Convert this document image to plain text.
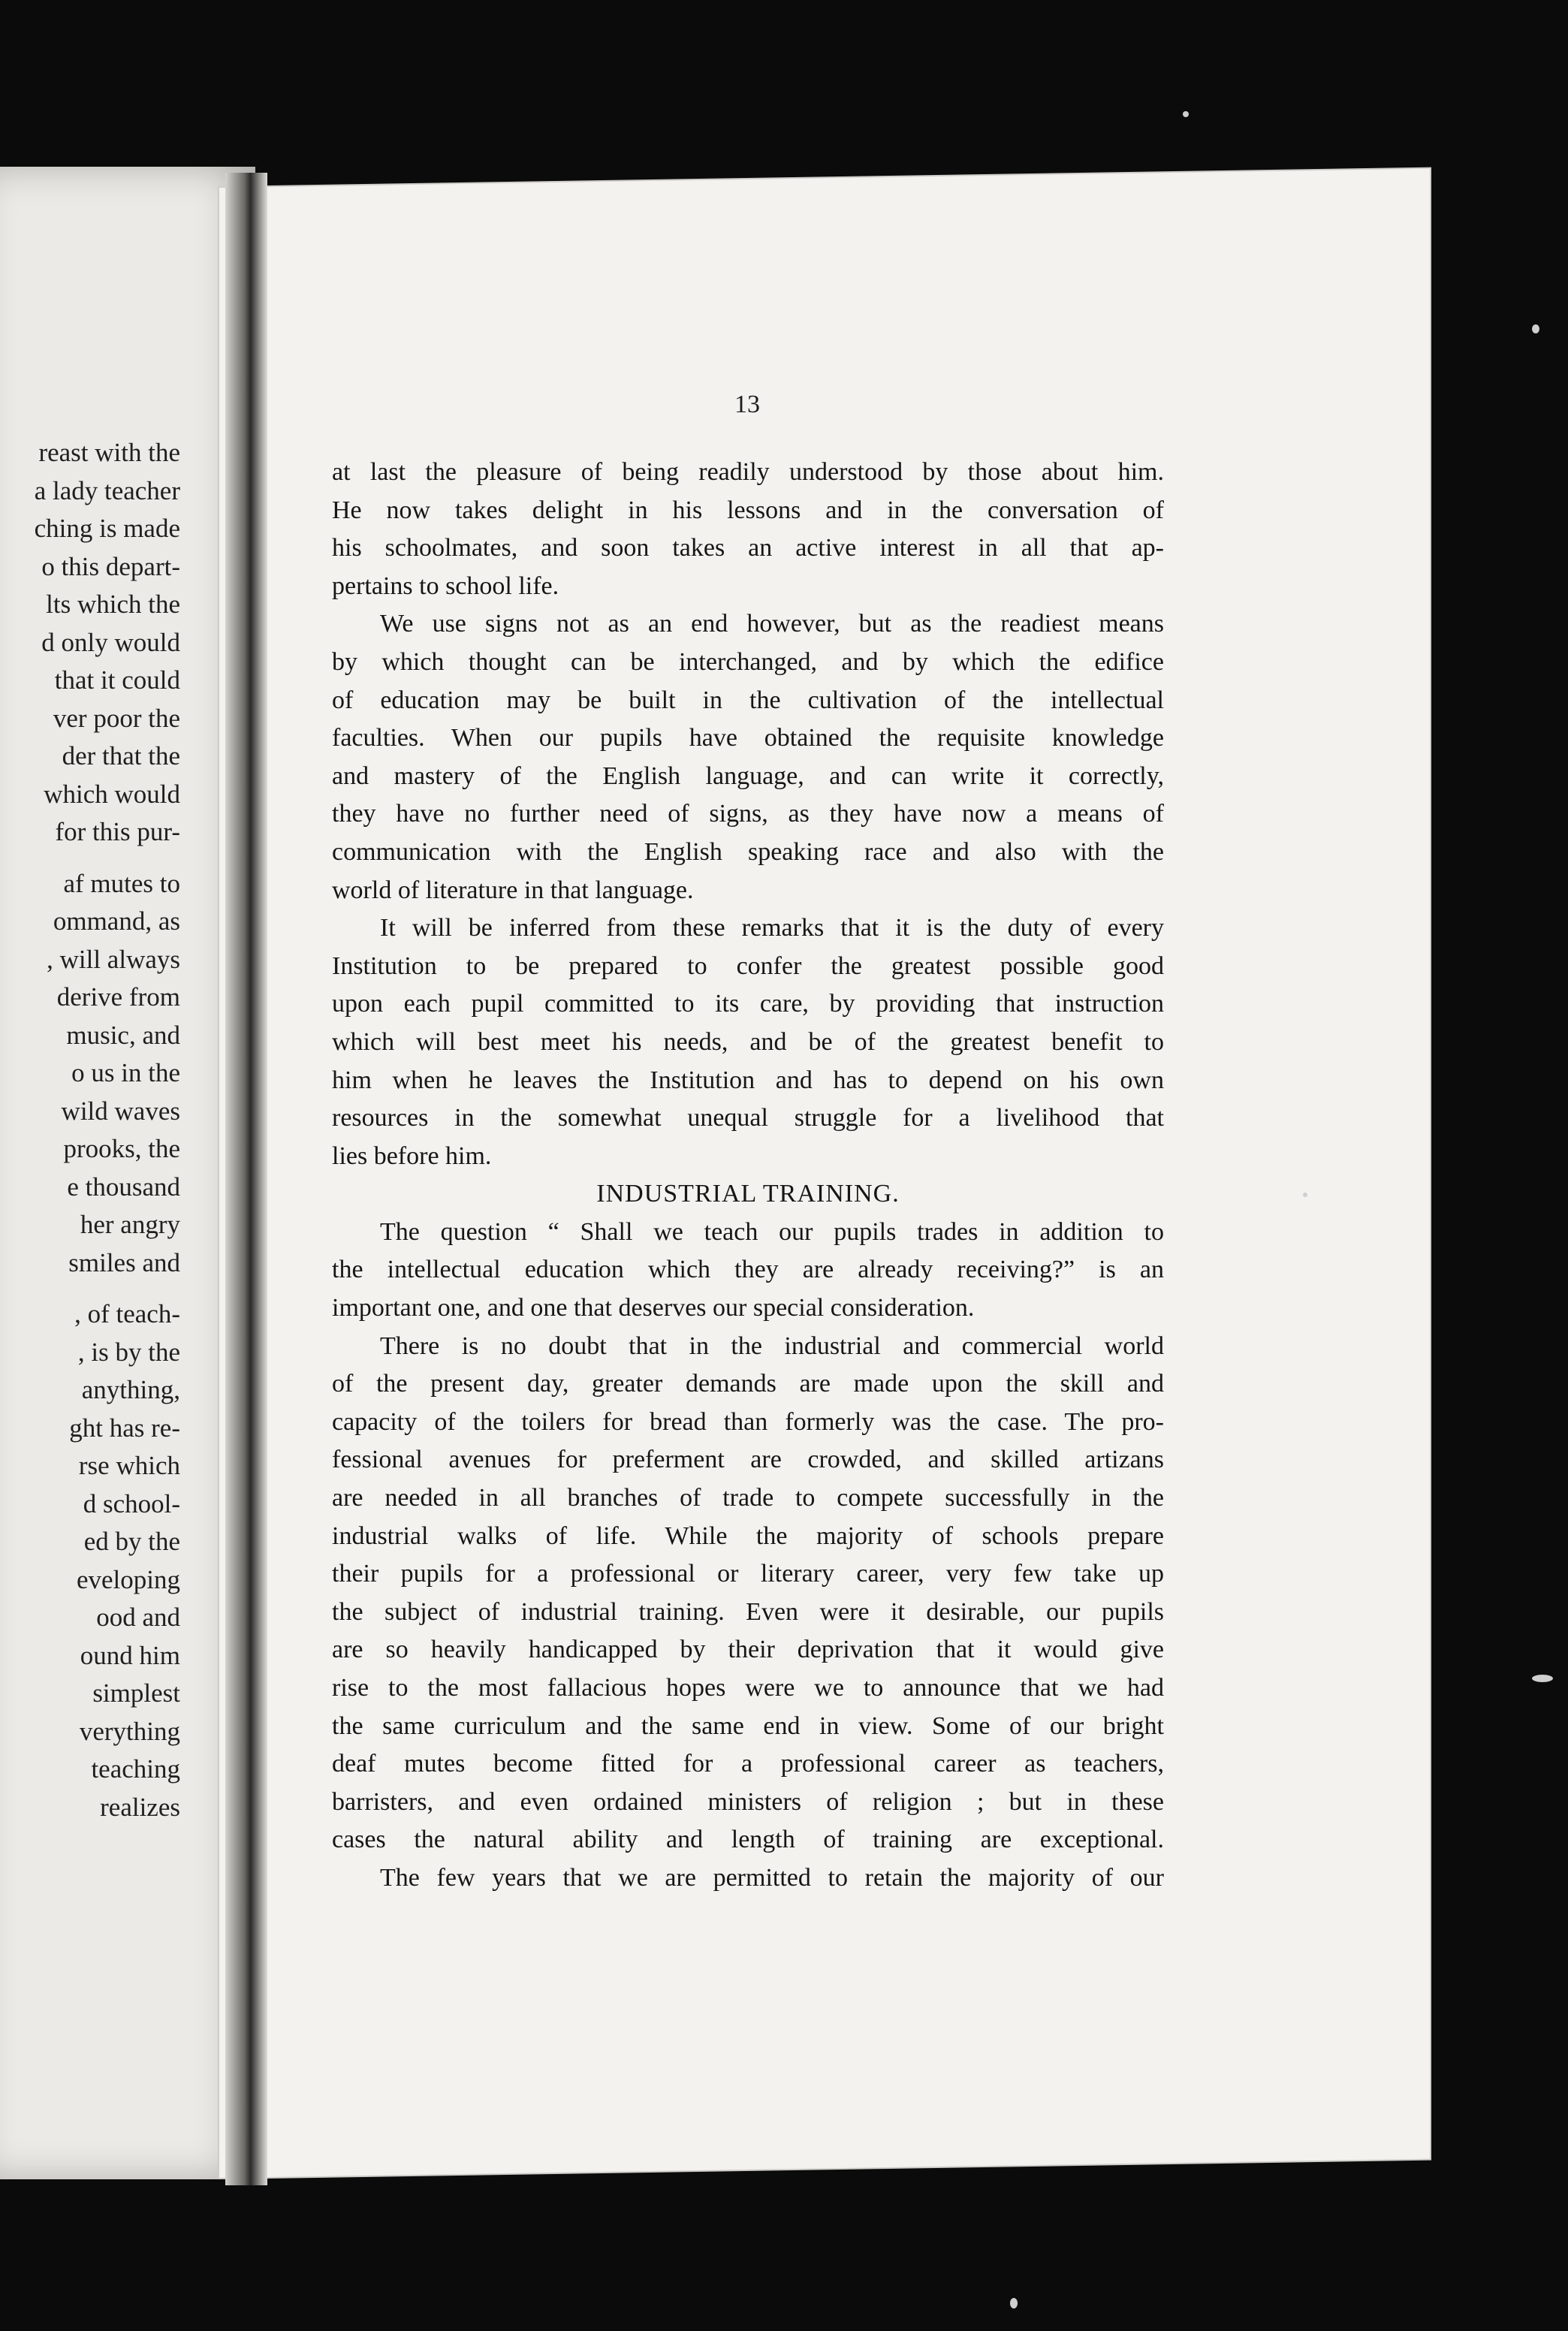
reast with the
a lady teacher
ching is made
o this depart-
lts which the
d only would
that it could
ver poor the
der that the
which would
for this pur-
af mutes to
ommand, as
, will always
derive from
music, and
o us in the
wild waves
prooks, the
e thousand
her angry
smiles and
, of teach-
, is by the
anything,
ght has re-
rse which
d school-
ed by the
eveloping
ood and
ound him
simplest
verything
teaching
realizes
13
at last the pleasure of being readily understood by those about him.
He now takes delight in his lessons and in the conversation of
his schoolmates, and soon takes an active interest in all that ap-
pertains to school life.
We use signs not as an end however, but as the readiest means
by which thought can be interchanged, and by which the edifice
of education may be built in the cultivation of the intellectual
faculties. When our pupils have obtained the requisite knowledge
and mastery of the English language, and can write it correctly,
they have no further need of signs, as they have now a means of
communication with the English speaking race and also with the
world of literature in that language.
It will be inferred from these remarks that it is the duty of every
Institution to be prepared to confer the greatest possible good
upon each pupil committed to its care, by providing that instruction
which will best meet his needs, and be of the greatest benefit to
him when he leaves the Institution and has to depend on his own
resources in the somewhat unequal struggle for a livelihood that
lies before him.
INDUSTRIAL TRAINING.
The question “ Shall we teach our pupils trades in addition to
the intellectual education which they are already receiving?” is an
important one, and one that deserves our special consideration.
There is no doubt that in the industrial and commercial world
of the present day, greater demands are made upon the skill and
capacity of the toilers for bread than formerly was the case. The pro-
fessional avenues for preferment are crowded, and skilled artizans
are needed in all branches of trade to compete successfully in the
industrial walks of life. While the majority of schools prepare
their pupils for a professional or literary career, very few take up
the subject of industrial training. Even were it desirable, our pupils
are so heavily handicapped by their deprivation that it would give
rise to the most fallacious hopes were we to announce that we had
the same curriculum and the same end in view. Some of our bright
deaf mutes become fitted for a professional career as teachers,
barristers, and even ordained ministers of religion ; but in these
cases the natural ability and length of training are exceptional.
The few years that we are permitted to retain the majority of our
